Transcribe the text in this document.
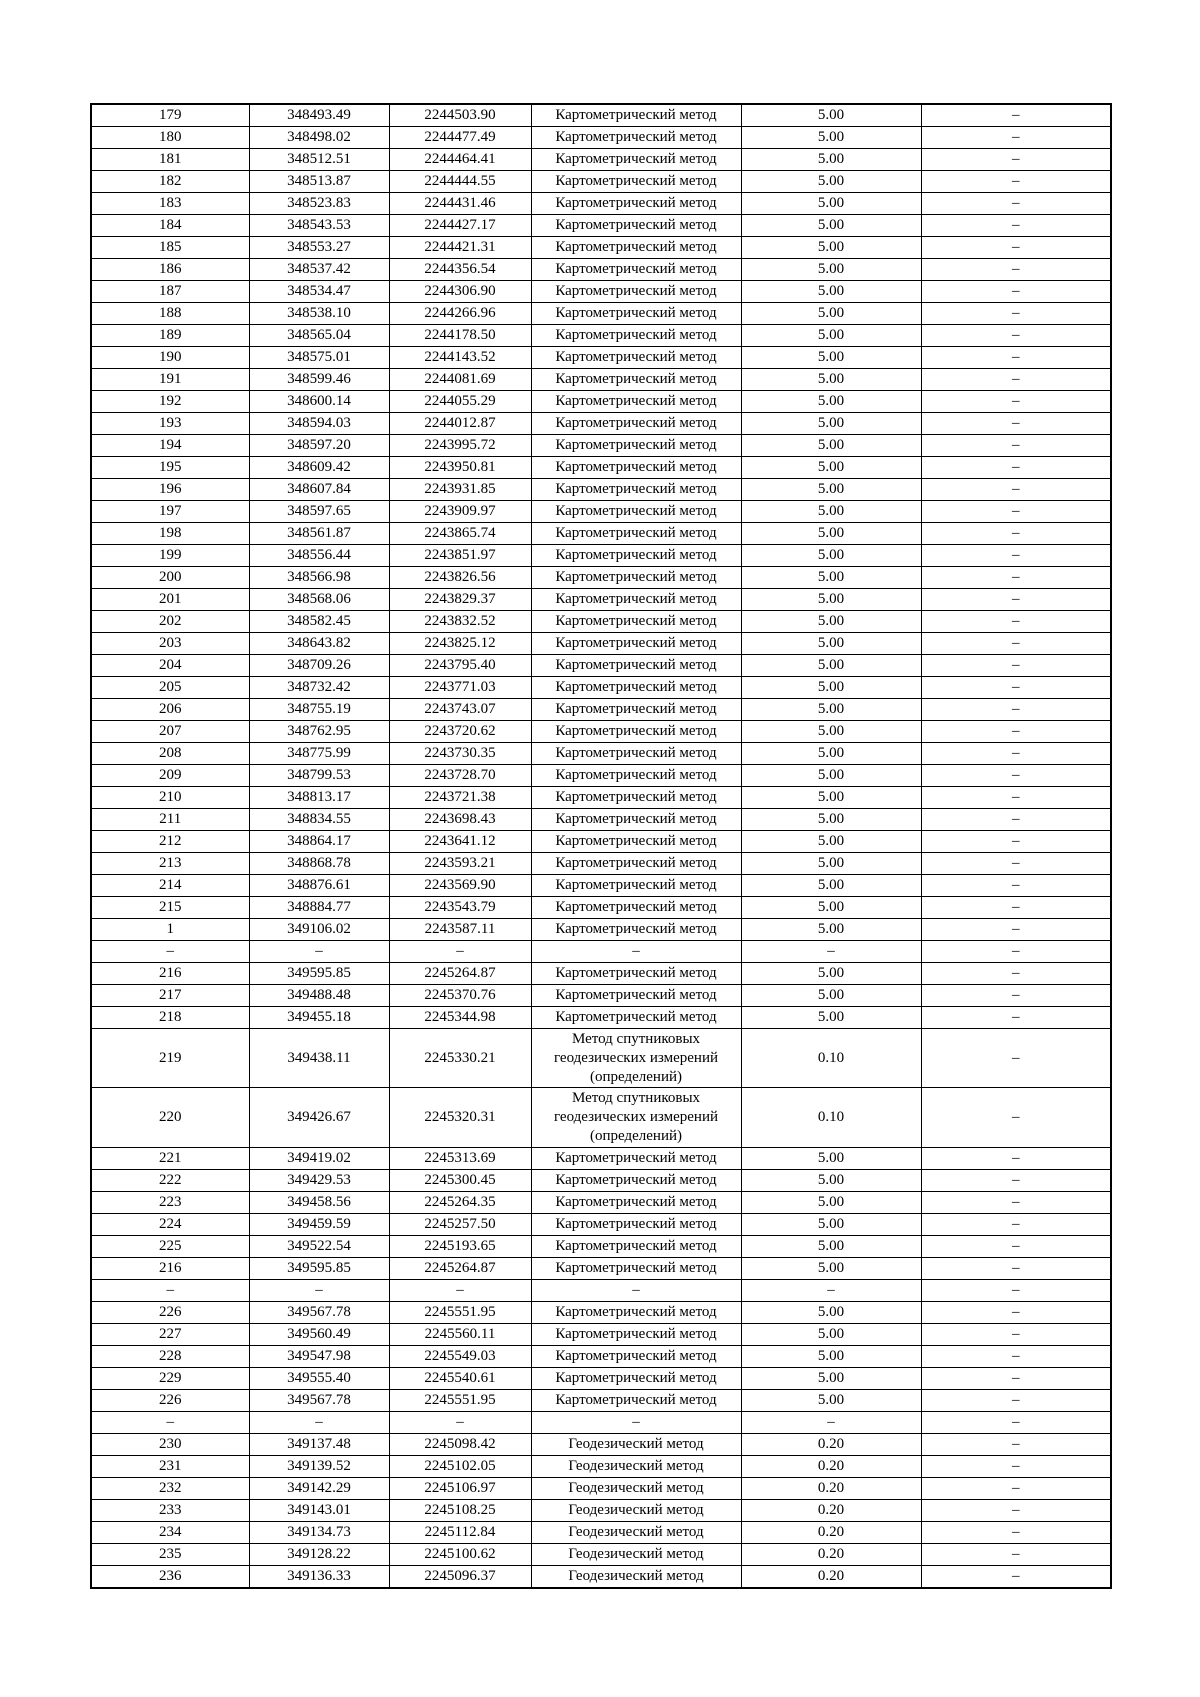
179	348493.49	2244503.90	Картометрический метод	5.00	–
180	348498.02	2244477.49	Картометрический метод	5.00	–
181	348512.51	2244464.41	Картометрический метод	5.00	–
182	348513.87	2244444.55	Картометрический метод	5.00	–
183	348523.83	2244431.46	Картометрический метод	5.00	–
184	348543.53	2244427.17	Картометрический метод	5.00	–
185	348553.27	2244421.31	Картометрический метод	5.00	–
186	348537.42	2244356.54	Картометрический метод	5.00	–
187	348534.47	2244306.90	Картометрический метод	5.00	–
188	348538.10	2244266.96	Картометрический метод	5.00	–
189	348565.04	2244178.50	Картометрический метод	5.00	–
190	348575.01	2244143.52	Картометрический метод	5.00	–
191	348599.46	2244081.69	Картометрический метод	5.00	–
192	348600.14	2244055.29	Картометрический метод	5.00	–
193	348594.03	2244012.87	Картометрический метод	5.00	–
194	348597.20	2243995.72	Картометрический метод	5.00	–
195	348609.42	2243950.81	Картометрический метод	5.00	–
196	348607.84	2243931.85	Картометрический метод	5.00	–
197	348597.65	2243909.97	Картометрический метод	5.00	–
198	348561.87	2243865.74	Картометрический метод	5.00	–
199	348556.44	2243851.97	Картометрический метод	5.00	–
200	348566.98	2243826.56	Картометрический метод	5.00	–
201	348568.06	2243829.37	Картометрический метод	5.00	–
202	348582.45	2243832.52	Картометрический метод	5.00	–
203	348643.82	2243825.12	Картометрический метод	5.00	–
204	348709.26	2243795.40	Картометрический метод	5.00	–
205	348732.42	2243771.03	Картометрический метод	5.00	–
206	348755.19	2243743.07	Картометрический метод	5.00	–
207	348762.95	2243720.62	Картометрический метод	5.00	–
208	348775.99	2243730.35	Картометрический метод	5.00	–
209	348799.53	2243728.70	Картометрический метод	5.00	–
210	348813.17	2243721.38	Картометрический метод	5.00	–
211	348834.55	2243698.43	Картометрический метод	5.00	–
212	348864.17	2243641.12	Картометрический метод	5.00	–
213	348868.78	2243593.21	Картометрический метод	5.00	–
214	348876.61	2243569.90	Картометрический метод	5.00	–
215	348884.77	2243543.79	Картометрический метод	5.00	–
1	349106.02	2243587.11	Картометрический метод	5.00	–
–	–	–	–	–	–
216	349595.85	2245264.87	Картометрический метод	5.00	–
217	349488.48	2245370.76	Картометрический метод	5.00	–
218	349455.18	2245344.98	Картометрический метод	5.00	–
219	349438.11	2245330.21	Метод спутниковых геодезических измерений (определений)	0.10	–
220	349426.67	2245320.31	Метод спутниковых геодезических измерений (определений)	0.10	–
221	349419.02	2245313.69	Картометрический метод	5.00	–
222	349429.53	2245300.45	Картометрический метод	5.00	–
223	349458.56	2245264.35	Картометрический метод	5.00	–
224	349459.59	2245257.50	Картометрический метод	5.00	–
225	349522.54	2245193.65	Картометрический метод	5.00	–
216	349595.85	2245264.87	Картометрический метод	5.00	–
–	–	–	–	–	–
226	349567.78	2245551.95	Картометрический метод	5.00	–
227	349560.49	2245560.11	Картометрический метод	5.00	–
228	349547.98	2245549.03	Картометрический метод	5.00	–
229	349555.40	2245540.61	Картометрический метод	5.00	–
226	349567.78	2245551.95	Картометрический метод	5.00	–
–	–	–	–	–	–
230	349137.48	2245098.42	Геодезический метод	0.20	–
231	349139.52	2245102.05	Геодезический метод	0.20	–
232	349142.29	2245106.97	Геодезический метод	0.20	–
233	349143.01	2245108.25	Геодезический метод	0.20	–
234	349134.73	2245112.84	Геодезический метод	0.20	–
235	349128.22	2245100.62	Геодезический метод	0.20	–
236	349136.33	2245096.37	Геодезический метод	0.20	–
